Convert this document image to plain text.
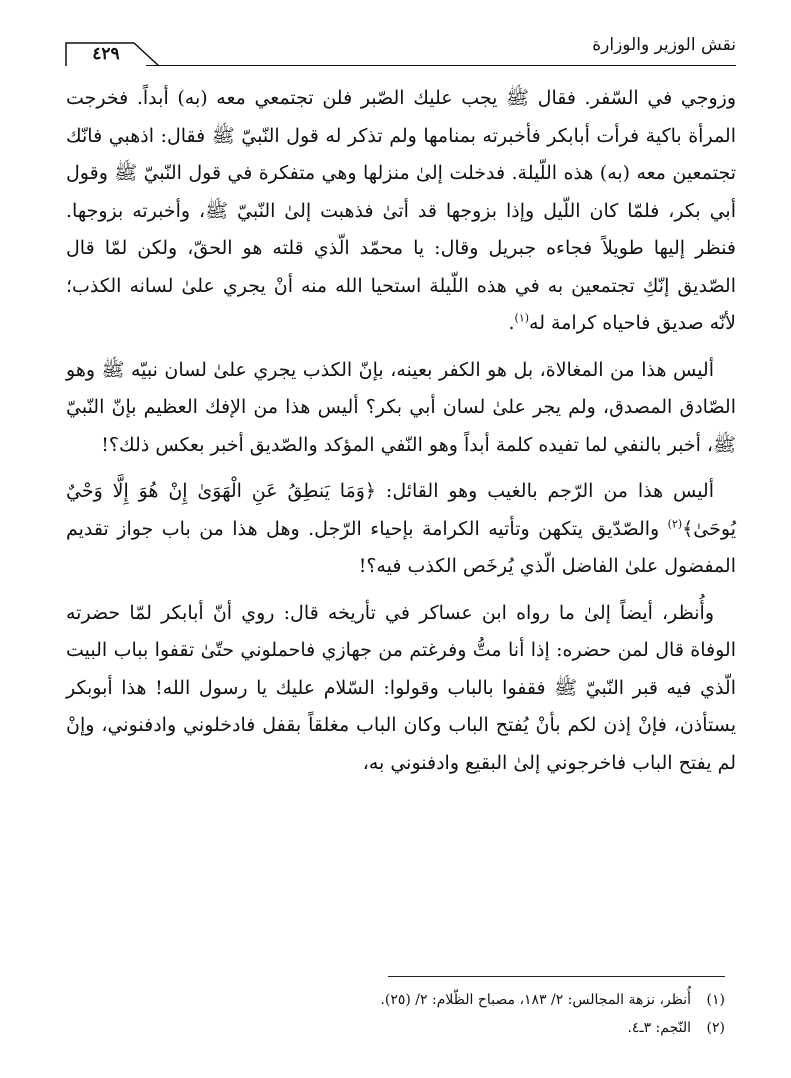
نقش الوزير والوزارة
٤٢٩

وزوجي في السّفر. فقال ﷺ يجب عليك الصّبر فلن تجتمعي معه (به) أبداً. فخرجت المرأة باكية فرأت أبابكر فأخبرته بمنامها ولم تذكر له قول النّبيّ ﷺ فقال: اذهبي فانّك تجتمعين معه (به) هذه اللّيلة. فدخلت إلىٰ منزلها وهي متفكرة في قول النّبيّ ﷺ وقول أبي بكر، فلمّا كان اللّيل وإذا بزوجها قد أتىٰ فذهبت إلىٰ النّبيّ ﷺ، وأخبرته بزوجها. فنظر إليها طويلاً فجاءه جبريل وقال: يا محمّد الّذي قلته هو الحقّ، ولكن لمّا قال الصّديق إنّكِ تجتمعين به في هذه اللّيلة استحيا الله منه أنْ يجري علىٰ لسانه الكذب؛ لأنّه صديق فاحياه كرامة له$^{(١)}$.

أليس هذا من المغالاة، بل هو الكفر بعينه، بإنّ الكذب يجري علىٰ لسان نبيّه ﷺ وهو الصّادق المصدق، ولم يجر علىٰ لسان أبي بكر؟ أليس هذا من الإفك العظيم بإنّ النّبيّ ﷺ، أخبر بالنفي لما تفيده كلمة أبداً وهو النّفي المؤكد والصّديق أخبر بعكس ذلك؟!

أليس هذا من الرّجم بالغيب وهو القائل: ﴿وَمَا يَنطِقُ عَنِ الْهَوَىٰ إِنْ هُوَ إِلَّا وَحْيٌ يُوحَىٰ﴾$^{(٢)}$ والصّدّيق يتكهن وتأتيه الكرامة بإحياء الرّجل. وهل هذا من باب جواز تقديم المفضول علىٰ الفاضل الّذي يُرخَص الكذب فيه؟!

وأُنظر، أيضاً إلىٰ ما رواه ابن عساكر في تأريخه قال: روي أنّ أبابكر لمّا حضرته الوفاة قال لمن حضره: إذا أنا متُّ وفرغتم من جهازي فاحملوني حتّىٰ تقفوا بباب البيت الّذي فيه قبر النّبيّ ﷺ فقفوا بالباب وقولوا: السّلام عليك يا رسول الله! هذا أبوبكر يستأذن، فإنْ إذن لكم بأنْ يُفتح الباب وكان الباب مغلقاً بقفل فادخلوني وادفنوني، وإنْ لم يفتح الباب فاخرجوني إلىٰ البقيع وادفنوني به،

(١)أُنظر، نزهة المجالس: ٢/ ١٨٣، مصباح الظّلام: ٢/ (٢٥).
(٢)النّجم: ٣ـ٤.
